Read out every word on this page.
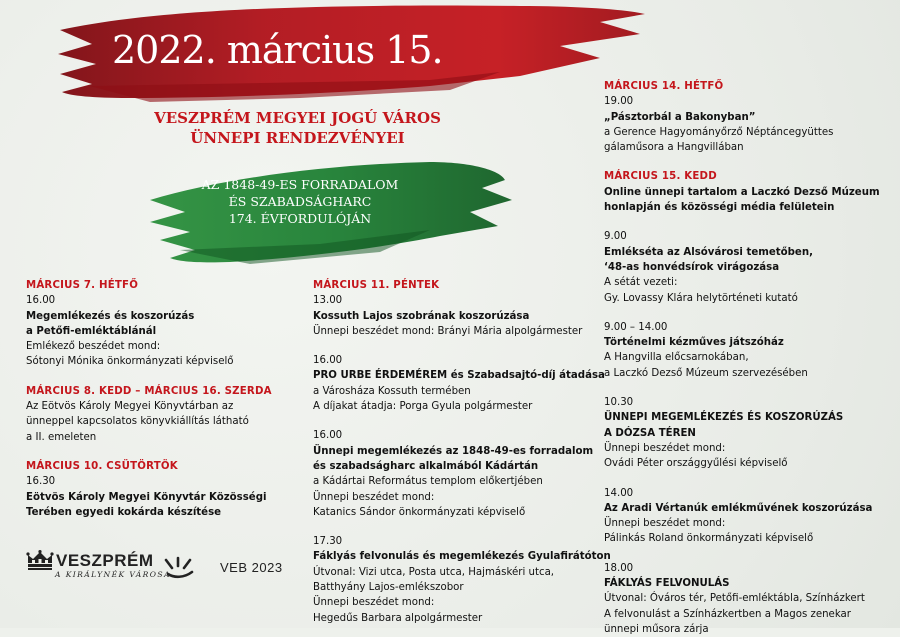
2022. március 15.
VESZPRÉM MEGYEI JOGÚ VÁROS
ÜNNEPI RENDEZVÉNYEI
AZ 1848-49-ES FORRADALOM
ÉS SZABADSÁGHARC
174. ÉVFORDULÓJÁN
MÁRCIUS 7. HÉTFŐ
16.00
Megemlékezés és koszorúzás
a Petőfi-emléktáblánál
Emlékező beszédet mond:
Sótonyi Mónika önkormányzati képviselő
MÁRCIUS 8. KEDD – MÁRCIUS 16. SZERDA
Az Eötvös Károly Megyei Könyvtárban az
ünneppel kapcsolatos könyvkiállítás látható
a II. emeleten
MÁRCIUS 10. CSÜTÖRTÖK
16.30
Eötvös Károly Megyei Könyvtár Közösségi
Terében egyedi kokárda készítése
MÁRCIUS 11. PÉNTEK
13.00
Kossuth Lajos szobrának koszorúzása
Ünnepi beszédet mond: Brányi Mária alpolgármester
16.00
PRO URBE ÉRDEMÉREM és Szabadsajtó-díj átadása
a Városháza Kossuth termében
A díjakat átadja: Porga Gyula polgármester
16.00
Ünnepi megemlékezés az 1848-49-es forradalom
és szabadságharc alkalmából Kádártán
a Kádártai Református templom előkertjében
Ünnepi beszédet mond:
Katanics Sándor önkormányzati képviselő
17.30
Fáklyás felvonulás és megemlékezés Gyulafirátóton
Útvonal: Vizi utca, Posta utca, Hajmáskéri utca,
Batthyány Lajos-emlékszobor
Ünnepi beszédet mond:
Hegedűs Barbara alpolgármester
MÁRCIUS 14. HÉTFŐ
19.00
„Pásztorbál a Bakonyban”
a Gerence Hagyományőrző Néptáncegyüttes
gálaműsora a Hangvillában
MÁRCIUS 15. KEDD
Online ünnepi tartalom a Laczkó Dezső Múzeum
honlapján és közösségi média felületein
9.00
Emlékséta az Alsóvárosi temetőben,
‘48-as honvédsírok virágozása
A sétát vezeti:
Gy. Lovassy Klára helytörténeti kutató
9.00 – 14.00
Történelmi kézműves játszóház
A Hangvilla előcsarnokában,
a Laczkó Dezső Múzeum szervezésében
10.30
ÜNNEPI MEGEMLÉKEZÉS ÉS KOSZORÚZÁS
A DÓZSA TÉREN
Ünnepi beszédet mond:
Ovádi Péter országgyűlési képviselő
14.00
Az Aradi Vértanúk emlékművének koszorúzása
Ünnepi beszédet mond:
Pálinkás Roland önkormányzati képviselő
18.00
FÁKLYÁS FELVONULÁS
Útvonal: Óváros tér, Petőfi-emléktábla, Színházkert
A felvonulást a Színházkertben a Magos zenekar
ünnepi műsora zárja
VESZPRÉM
A KIRÁLYNÉK VÁROSA	VEB 2023
